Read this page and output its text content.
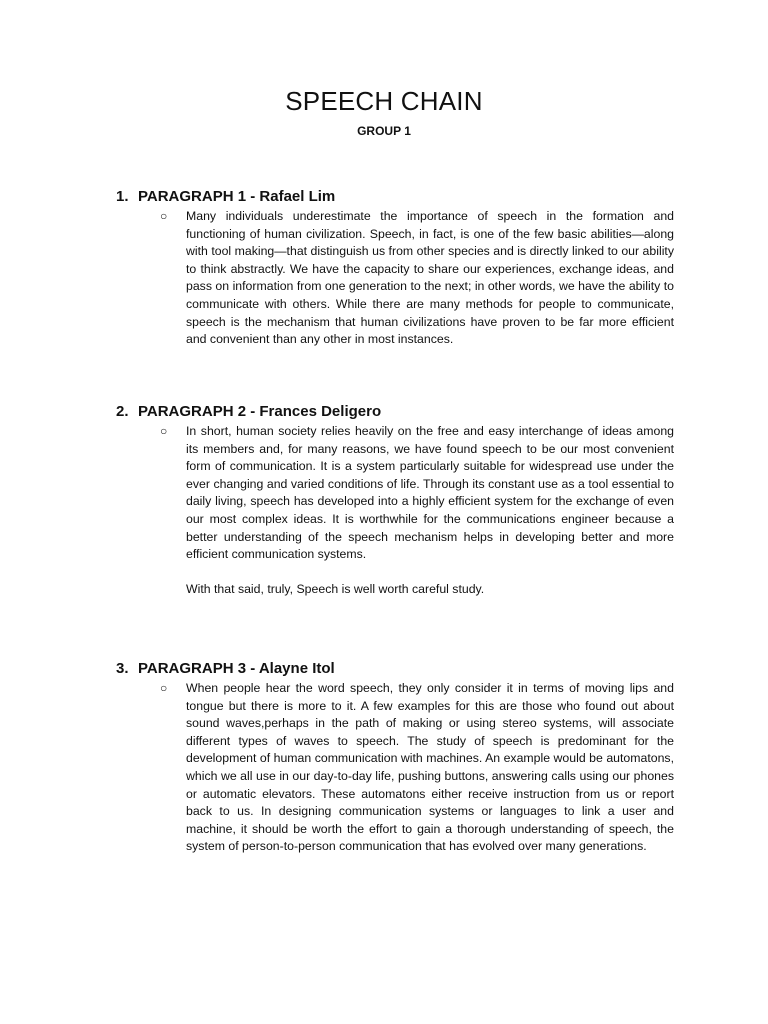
SPEECH CHAIN
GROUP 1
1. PARAGRAPH 1 - Rafael Lim
○	Many individuals underestimate the importance of speech in the formation and functioning of human civilization. Speech, in fact, is one of the few basic abilities—along with tool making—that distinguish us from other species and is directly linked to our ability to think abstractly. We have the capacity to share our experiences, exchange ideas, and pass on information from one generation to the next; in other words, we have the ability to communicate with others. While there are many methods for people to communicate, speech is the mechanism that human civilizations have proven to be far more efficient and convenient than any other in most instances.

2. PARAGRAPH 2 - Frances Deligero
○	In short, human society relies heavily on the free and easy interchange of ideas among its members and, for many reasons, we have found speech to be our most convenient form of communication. It is a system particularly suitable for widespread use under the ever changing and varied conditions of life. Through its constant use as a tool essential to daily living, speech has developed into a highly efficient system for the exchange of even our most complex ideas. It is worthwhile for the communications engineer because a better understanding of the speech mechanism helps in developing better and more efficient communication systems.

With that said, truly, Speech is well worth careful study.

3. PARAGRAPH 3 - Alayne Itol
○	When people hear the word speech, they only consider it in terms of moving lips and tongue but there is more to it. A few examples for this are those who found out about sound waves,perhaps in the path of making or using stereo systems, will associate different types of waves to speech. The study of speech is predominant for the development of human communication with machines. An example would be automatons, which we all use in our day-to-day life, pushing buttons, answering calls using our phones or automatic elevators. These automatons either receive instruction from us or report back to us. In designing communication systems or languages to link a user and machine, it should be worth the effort to gain a thorough understanding of speech, the system of person-to-person communication that has evolved over many generations.
